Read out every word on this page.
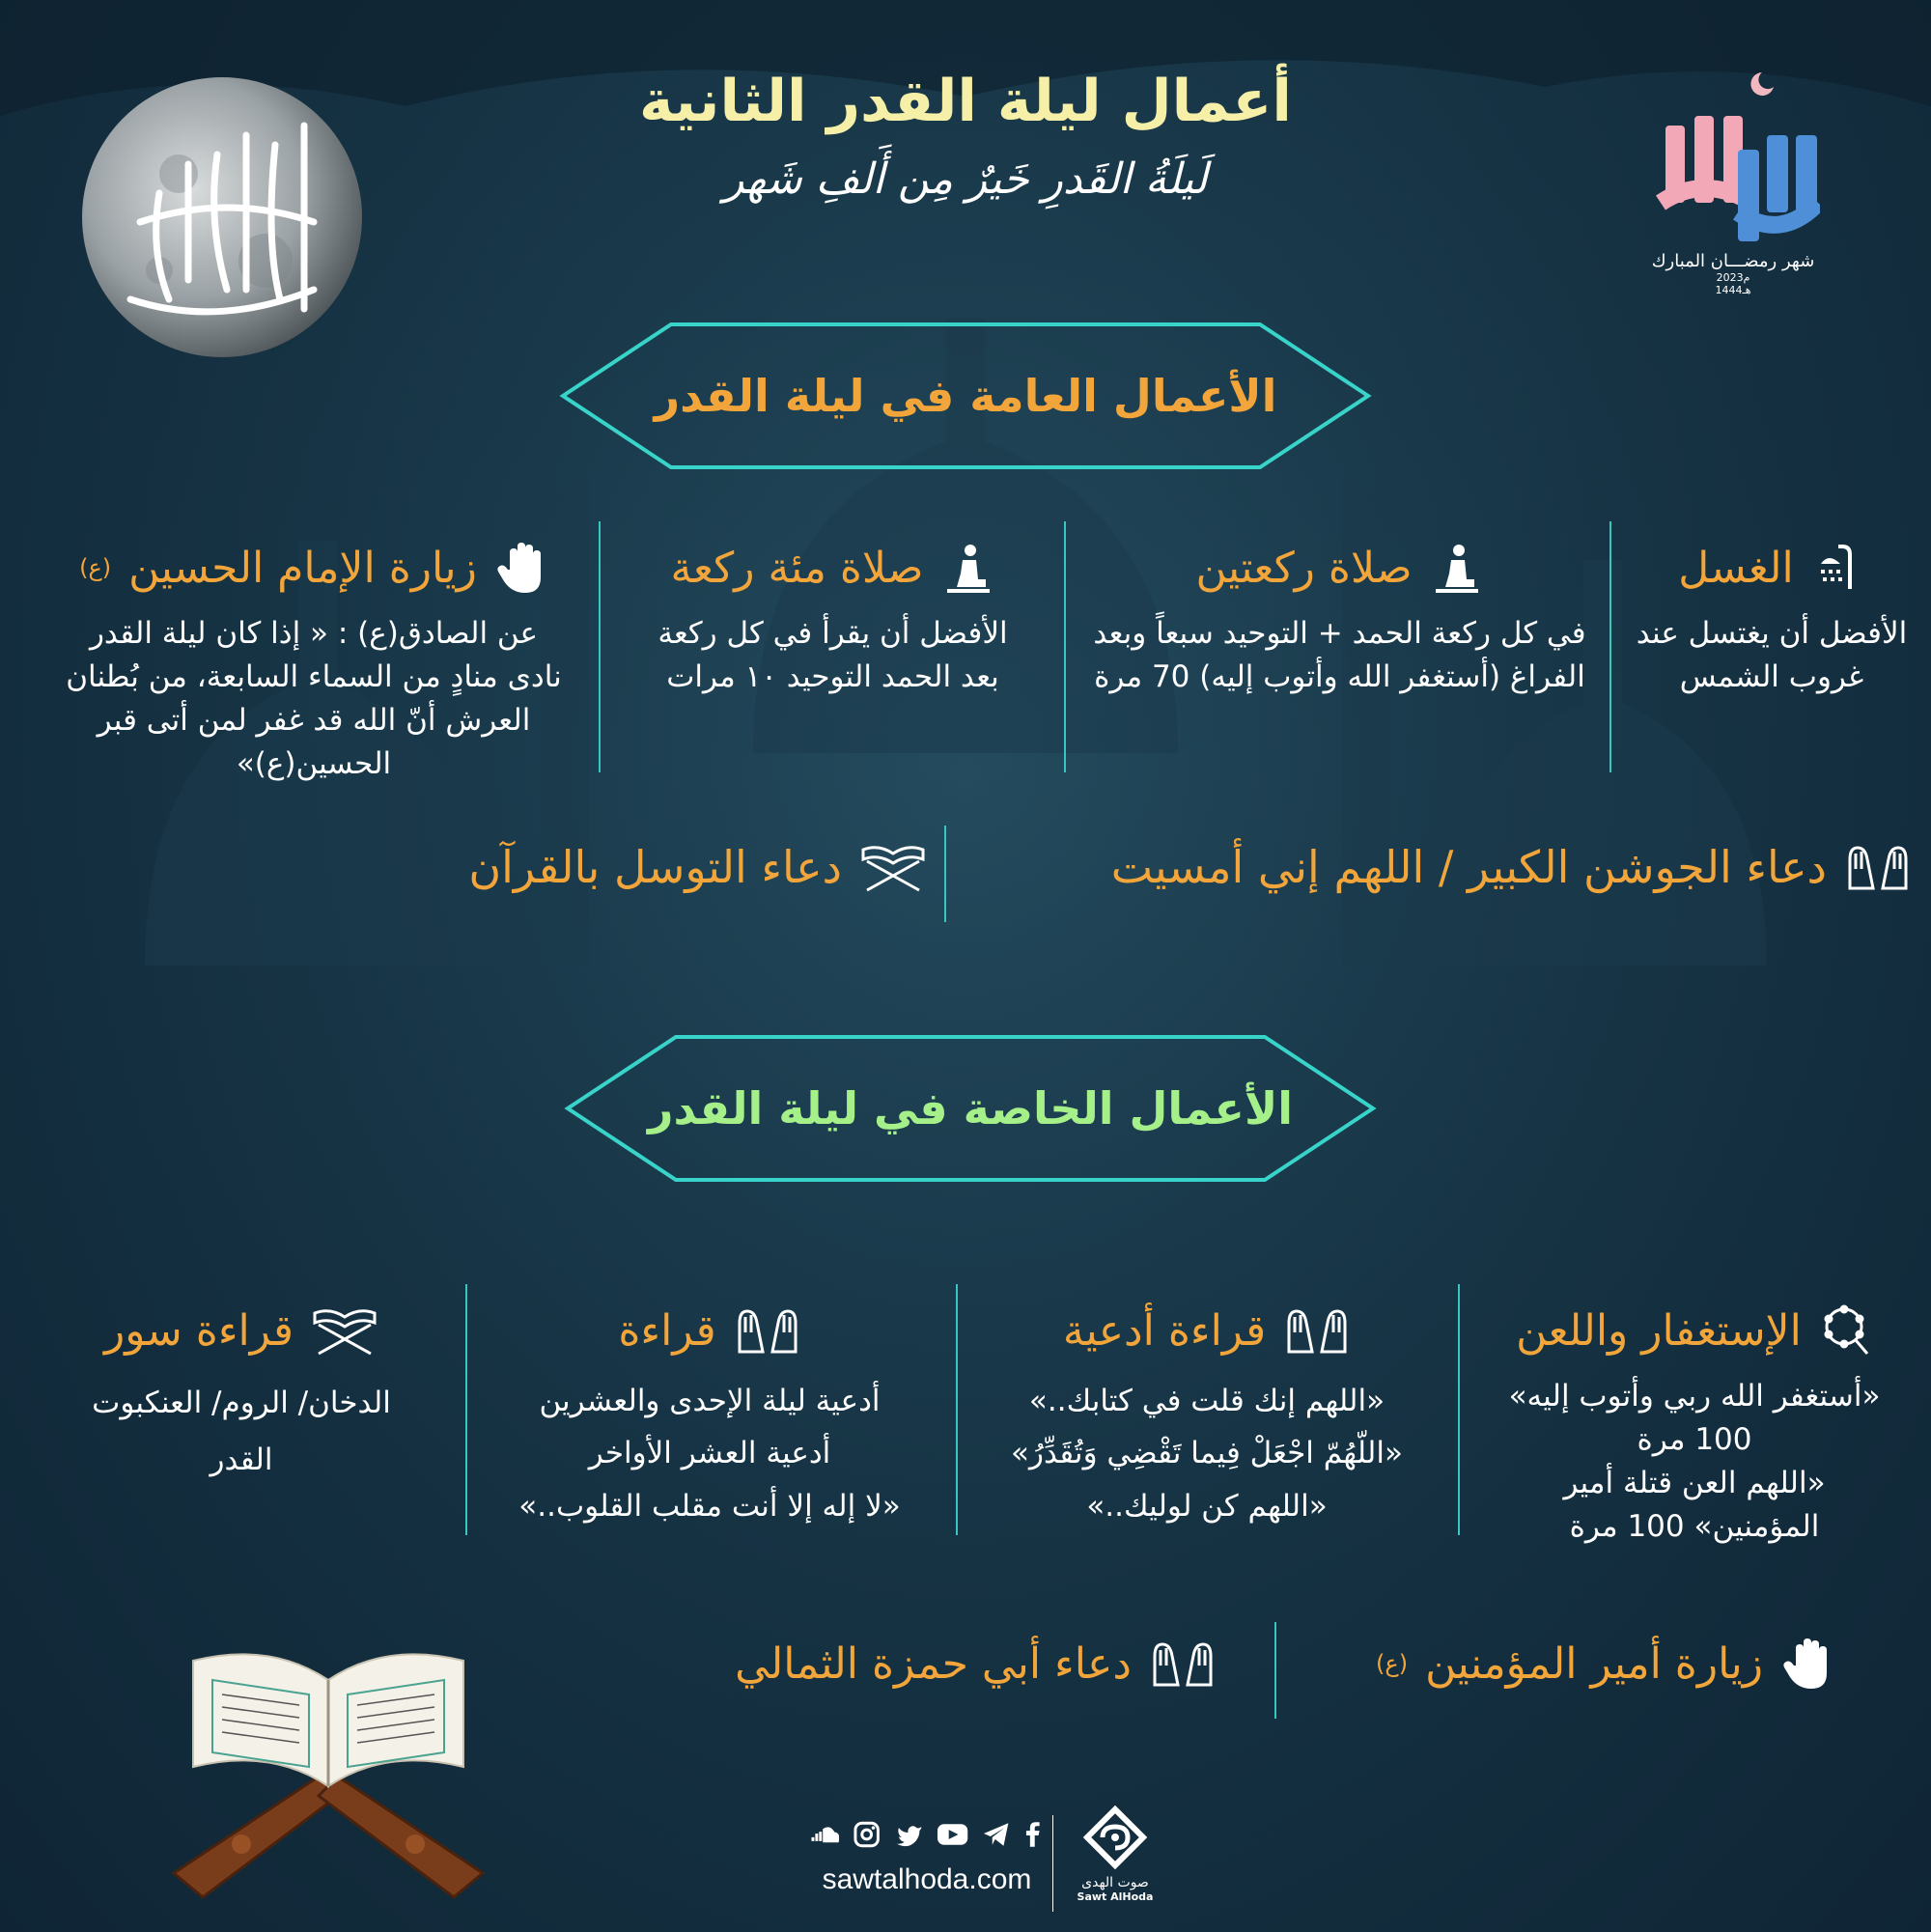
شهر رمضـــان المبارك
2023م
1444هـ
أعمال ليلة القدر الثانية
لَيلَةُ القَدرِ خَيرٌ مِن أَلفِ شَهر
الأعمال العامة في ليلة القدر
الغسل
الأفضل أن يغتسل عند غروب الشمس
صلاة ركعتين
في كل ركعة الحمد + التوحيد سبعاً وبعد الفراغ (أستغفر الله وأتوب إليه) 70 مرة
صلاة مئة ركعة
الأفضل أن يقرأ في كل ركعة بعد الحمد التوحيد ١٠ مرات
زيارة الإمام الحسين
(ع)
عن الصادق(ع) : « إذا كان ليلة القدر نادى منادٍ من السماء السابعة، من بُطنان العرش أنّ الله قد غفر لمن أتى قبر الحسين(ع)»
دعاء الجوشن الكبير / اللهم إني أمسيت
دعاء التوسل بالقرآن
الأعمال الخاصة في ليلة القدر
الإستغفار واللعن
«أستغفر الله ربي وأتوب إليه»
100 مرة
«اللهم العن قتلة أمير المؤمنين» 100 مرة
قراءة أدعية
«اللهم إنك قلت في كتابك..»
«اللّهُمّ اجْعَلْ فِيما تَقْضِي وَتُقَدِّرُ»
«اللهم كن لوليك..»
قراءة
أدعية ليلة الإحدى والعشرين
أدعية العشر الأواخر
«لا إله إلا أنت مقلب القلوب..»
قراءة سور
الدخان/ الروم/ العنكبوت
القدر
زيارة أمير المؤمنين
(ع)
دعاء أبي حمزة الثمالي
sawtalhoda.com	صوت الهدى
Sawt AlHoda
